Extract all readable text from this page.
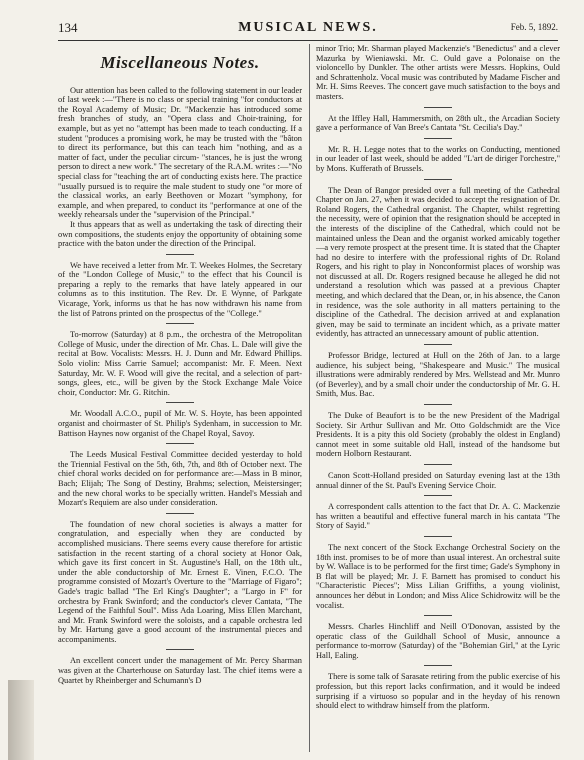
134	MUSICAL NEWS.	Feb. 5, 1892.
Miscellaneous Notes.

Our attention has been called to the following statement in our leader of last week :—"There is no class or special training "for conductors at the Royal Academy of Music; Dr. "Mackenzie has introduced some fresh branches of study, an "Opera class and Choir-training, for example, but as yet no "attempt has been made to teach conducting. If a student "produces a promising work, he may be trusted with the "bâton to direct its performance, but this can teach him "nothing, and as a matter of fact, under the peculiar circum- "stances, he is just the wrong person to direct a new work." The secretary of the R.A.M. writes :—"No special class for "teaching the art of conducting exists here. The practice "usually pursued is to require the male student to study one "or more of the classical works, an early Beethoven or Mozart "symphony, for example, and when prepared, to conduct its "performance at one of the weekly rehearsals under the "supervision of the Principal."

It thus appears that as well as undertaking the task of directing their own compositions, the students enjoy the opportunity of obtaining some practice with the baton under the direction of the Principal.

We have received a letter from Mr. T. Weekes Holmes, the Secretary of the "London College of Music," to the effect that his Council is preparing a reply to the remarks that have lately appeared in our columns as to this institution. The Rev. Dr. E Wynne, of Parkgate Vicarage, York, informs us that he has now withdrawn his name from the list of Patrons printed on the prospectus of the "College."

To-morrow (Saturday) at 8 p.m., the orchestra of the Metropolitan College of Music, under the direction of Mr. Chas. L. Dale will give the recital at Bow. Vocalists: Messrs. H. J. Dunn and Mr. Edward Phillips. Solo violin: Miss Carrie Samuel; accompanist: Mr. F. Meen. Next Saturday, Mr. W. F. Wood will give the recital, and a selection of part-songs, glees, etc., will be given by the Stock Exchange Male Voice choir, Conductor: Mr. G. Ritchin.

Mr. Woodall A.C.O., pupil of Mr. W. S. Hoyte, has been appointed organist and choirmaster of St. Philip's Sydenham, in succession to Mr. Battison Haynes now organist of the Chapel Royal, Savoy.

The Leeds Musical Festival Committee decided yesterday to hold the Triennial Festival on the 5th, 6th, 7th, and 8th of October next. The chief choral works decided on for performance are:—Mass in B minor, Bach; Elijah; The Song of Destiny, Brahms; selection, Meistersinger; and the new choral works to be specially written. Handel's Messiah and Mozart's Requiem are also under consideration.

The foundation of new choral societies is always a matter for congratulation, and especially when they are conducted by accomplished musicians. There seems every cause therefore for artistic satisfaction in the recent starting of a choral society at Honor Oak, which gave its first concert in St. Augustine's Hall, on the 18th ult., under the able conductorship of Mr. Ernest E. Vinen, F.C.O. The programme consisted of Mozart's Overture to the "Marriage of Figaro"; Gade's tragic ballad "The Erl King's Daughter"; a "Largo in F" for orchestra by Frank Swinford; and the conductor's clever Cantata, "The Legend of the Faithful Soul". Miss Ada Loaring, Miss Ellen Marchant, and Mr. Frank Swinford were the soloists, and a capable orchestra led by Mr. Hartung gave a good account of the instrumental pieces and accompaniments.

An excellent concert under the management of Mr. Percy Sharman was given at the Charterhouse on Saturday last. The chief items were a Quartet by Rheinberger and Schumann's D

minor Trio; Mr. Sharman played Mackenzie's "Benedictus" and a clever Mazurka by Wieniawski. Mr. C. Ould gave a Polonaise on the violoncello by Dunkler. The other artists were Messrs. Hopkins, Ould and Schrattenholz. Vocal music was contributed by Madame Fischer and Mr. H. Sims Reeves. The concert gave much satisfaction to the boys and masters.

At the Iffley Hall, Hammersmith, on 28th ult., the Arcadian Society gave a performance of Van Bree's Cantata "St. Cecilia's Day."

Mr. R. H. Legge notes that to the works on Conducting, mentioned in our leader of last week, should be added "L'art de diriger l'orchestre," by Mons. Kufferath of Brussels.

The Dean of Bangor presided over a full meeting of the Cathedral Chapter on Jan. 27, when it was decided to accept the resignation of Dr. Roland Rogers, the Cathedral organist. The Chapter, whilst regretting the necessity, were of opinion that the resignation should be accepted in the interests of the discipline of the Cathedral, which could not be maintained unless the Dean and the organist worked amicably together—a very remote prospect at the present time. It is stated that the Chapter had no desire to interfere with the professional rights of Dr. Roland Rogers, and his right to play in Nonconformist places of worship was not discussed at all. Dr. Rogers resigned because he alleged he did not understand a resolution which was passed at a previous Chapter meeting, and which declared that the Dean, or, in his absence, the Canon in residence, was the sole authority in all matters pertaining to the discipline of the Cathedral. The decision arrived at and explanation given, may be said to terminate an incident which, as a private matter evidently, has attracted an unnecessary amount of public attention.

Professor Bridge, lectured at Hull on the 26th of Jan. to a large audience, his subject being, "Shakespeare and Music." The musical illustrations were admirably rendered by Mrs. Wellstead and Mr. Munro (of Beverley), and by a small choir under the conductorship of Mr. G. H. Smith, Mus. Bac.

The Duke of Beaufort is to be the new President of the Madrigal Society. Sir Arthur Sullivan and Mr. Otto Goldschmidt are the Vice Presidents. It is a pity this old Society (probably the oldest in England) cannot meet in some suitable old Hall, instead of the handsome but modern Holborn Restaurant.

Canon Scott-Holland presided on Saturday evening last at the 13th annual dinner of the St. Paul's Evening Service Choir.

A correspondent calls attention to the fact that Dr. A. C. Mackenzie has written a beautiful and effective funeral march in his cantata "The Story of Sayid."

The next concert of the Stock Exchange Orchestral Society on the 18th inst. promises to be of more than usual interest. An orchestral suite by W. Wallace is to be performed for the first time; Gade's Symphony in B flat will be played; Mr. J. F. Barnett has promised to conduct his "Characteristic Pieces"; Miss Lilian Griffiths, a young violinist, announces her début in London; and Miss Alice Schidrowitz will be the vocalist.

Messrs. Charles Hinchliff and Neill O'Donovan, assisted by the operatic class of the Guildhall School of Music, announce a performance to-morrow (Saturday) of the "Bohemian Girl," at the Lyric Hall, Ealing.

There is some talk of Sarasate retiring from the public exercise of his profession, but this report lacks confirmation, and it would be indeed surprising if a virtuoso so popular and in the heyday of his renown should elect to withdraw himself from the platform.
